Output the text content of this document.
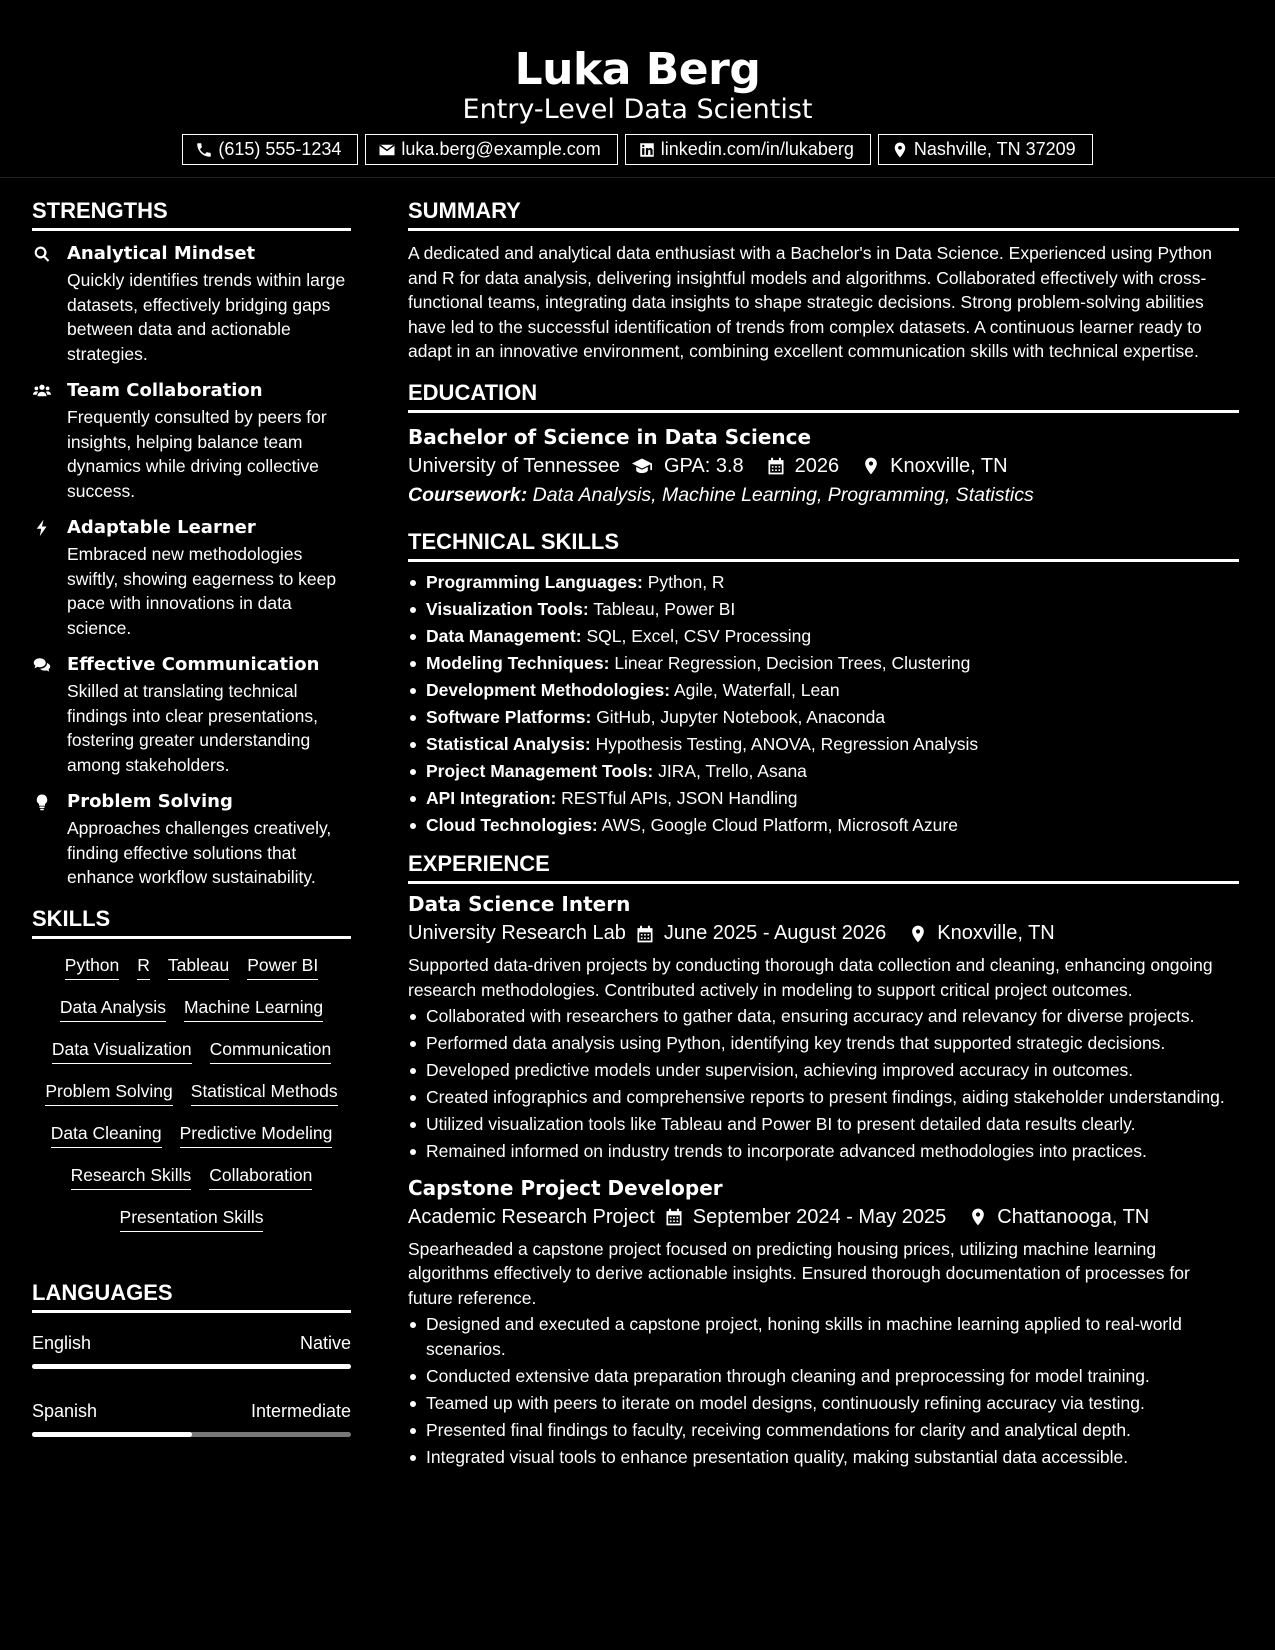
Luka Berg
Entry-Level Data Scientist
(615) 555-1234	luka.berg@example.com	linkedin.com/in/lukaberg	Nashville, TN 37209
STRENGTHS
Analytical Mindset
Quickly identifies trends within large datasets, effectively bridging gaps between data and actionable strategies.
Team Collaboration
Frequently consulted by peers for insights, helping balance team dynamics while driving collective success.
Adaptable Learner
Embraced new methodologies swiftly, showing eagerness to keep pace with innovations in data science.
Effective Communication
Skilled at translating technical findings into clear presentations, fostering greater understanding among stakeholders.
Problem Solving
Approaches challenges creatively, finding effective solutions that enhance workflow sustainability.
SKILLS
Python R Tableau Power BI
Data Analysis Machine Learning
Data Visualization Communication
Problem Solving Statistical Methods
Data Cleaning Predictive Modeling
Research Skills Collaboration
Presentation Skills
LANGUAGES
English	Native
Spanish	Intermediate
SUMMARY
A dedicated and analytical data enthusiast with a Bachelor's in Data Science. Experienced using Python and R for data analysis, delivering insightful models and algorithms. Collaborated effectively with cross-functional teams, integrating data insights to shape strategic decisions. Strong problem-solving abilities have led to the successful identification of trends from complex datasets. A continuous learner ready to adapt in an innovative environment, combining excellent communication skills with technical expertise.
EDUCATION
Bachelor of Science in Data Science
University of Tennessee GPA: 3.8	2026	Knoxville, TN
Coursework: Data Analysis, Machine Learning, Programming, Statistics
TECHNICAL SKILLS
Programming Languages: Python, R
Visualization Tools: Tableau, Power BI
Data Management: SQL, Excel, CSV Processing
Modeling Techniques: Linear Regression, Decision Trees, Clustering
Development Methodologies: Agile, Waterfall, Lean
Software Platforms: GitHub, Jupyter Notebook, Anaconda
Statistical Analysis: Hypothesis Testing, ANOVA, Regression Analysis
Project Management Tools: JIRA, Trello, Asana
API Integration: RESTful APIs, JSON Handling
Cloud Technologies: AWS, Google Cloud Platform, Microsoft Azure
EXPERIENCE
Data Science Intern
University Research Lab June 2025 - August 2026	Knoxville, TN
Supported data-driven projects by conducting thorough data collection and cleaning, enhancing ongoing research methodologies. Contributed actively in modeling to support critical project outcomes.
Collaborated with researchers to gather data, ensuring accuracy and relevancy for diverse projects.
Performed data analysis using Python, identifying key trends that supported strategic decisions.
Developed predictive models under supervision, achieving improved accuracy in outcomes.
Created infographics and comprehensive reports to present findings, aiding stakeholder understanding.
Utilized visualization tools like Tableau and Power BI to present detailed data results clearly.
Remained informed on industry trends to incorporate advanced methodologies into practices.
Capstone Project Developer
Academic Research Project September 2024 - May 2025	Chattanooga, TN
Spearheaded a capstone project focused on predicting housing prices, utilizing machine learning algorithms effectively to derive actionable insights. Ensured thorough documentation of processes for future reference.
Designed and executed a capstone project, honing skills in machine learning applied to real-world scenarios.
Conducted extensive data preparation through cleaning and preprocessing for model training.
Teamed up with peers to iterate on model designs, continuously refining accuracy via testing.
Presented final findings to faculty, receiving commendations for clarity and analytical depth.
Integrated visual tools to enhance presentation quality, making substantial data accessible.
